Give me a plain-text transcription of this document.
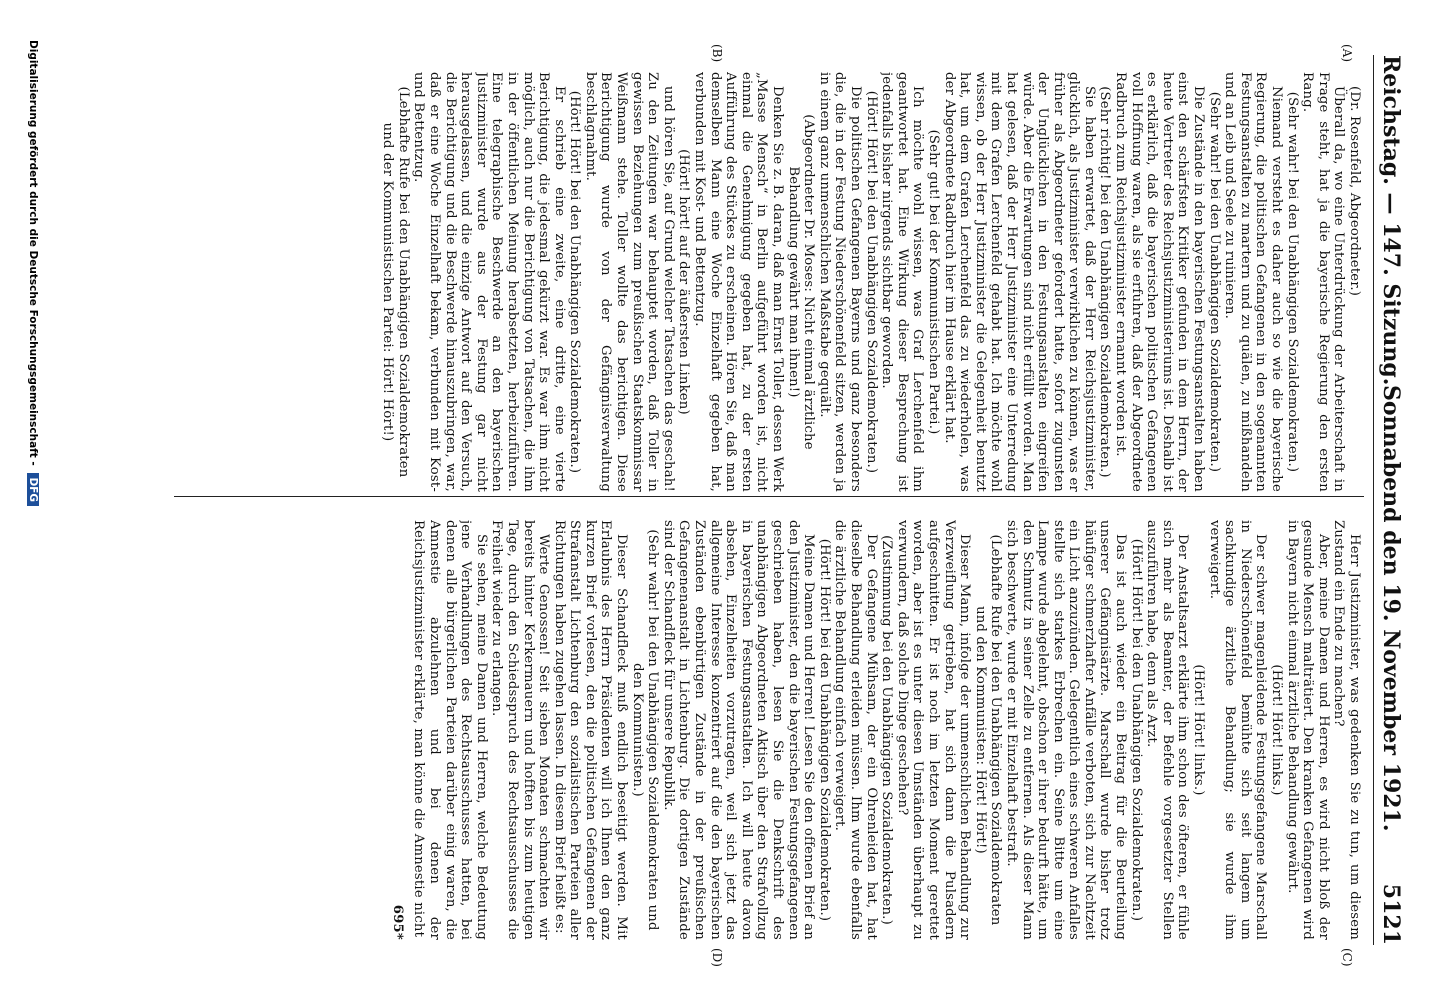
Reichstag. — 147. Sitzung.
Sonnabend den 19. November 1921.
5121
(A)
(B)
(C)
(D)

(Dr. Rosenfeld, Abgeordneter.)

Überall da, wo eine Unterdrückung der Arbeiterschaft in Frage steht, hat ja die bayerische Regierung den ersten Rang.

(Sehr wahr! bei den Unabhängigen Sozialdemokraten.)

Niemand versteht es daher auch so wie die bayerische Regierung, die politischen Gefangenen in den sogenannten Festungsanstalten zu martern und zu quälen, zu mißhandeln und an Leib und Seele zu ruinieren.

(Sehr wahr! bei den Unabhängigen Sozialdemokraten.)

Die Zustände in den bayerischen Festungsanstalten haben einst den schärfsten Kritiker gefunden in dem Herrn, der heute Vertreter des Reichsjustizministeriums ist. Deshalb ist es erklärlich, daß die bayerischen politischen Gefangenen voll Hoffnung waren, als sie erfuhren, daß der Abgeordnete Radbruch zum Reichsjustizminister ernannt worden ist.

(Sehr richtig! bei den Unabhängigen Sozialdemokraten.)

Sie haben erwartet, daß der Herr Reichsjustizminister, glücklich, als Justizminister verwirklichen zu können, was er früher als Abgeordneter gefordert hatte, sofort zugunsten der Unglücklichen in den Festungsanstalten eingreifen würde. Aber die Erwartungen sind nicht erfüllt worden. Man hat gelesen, daß der Herr Justizminister eine Unterredung mit dem Grafen Lerchenfeld gehabt hat. Ich möchte wohl wissen, ob der Herr Justizminister die Gelegenheit benutzt hat, um dem Grafen Lerchenfeld das zu wiederholen, was der Abgeordnete Radbruch hier im Hause erklärt hat.

(Sehr gut! bei der Kommunistischen Partei.)

Ich möchte wohl wissen, was Graf Lerchenfeld ihm geantwortet hat. Eine Wirkung dieser Besprechung ist jedenfalls bisher nirgends sichtbar geworden.

(Hört! Hört! bei den Unabhängigen Sozialdemokraten.)

Die politischen Gefangenen Bayerns und ganz besonders die, die in der Festung Niederschönenfeld sitzen, werden ja in einem ganz unmenschlichen Maßstabe gequält.

(Abgeordneter Dr. Moses: Nicht einmal ärztliche Behandlung gewährt man ihnen!)

Denken Sie z. B. daran, daß man Ernst Toller, dessen Werk „Masse Mensch“ in Berlin aufgeführt worden ist, nicht einmal die Genehmigung gegeben hat, zu der ersten Aufführung des Stückes zu erscheinen. Hören Sie, daß man demselben Mann eine Woche Einzelhaft gegeben hat, verbunden mit Kost- und Bettentzug.

(Hört! hört! auf der äußersten Linken)

und hören Sie, auf Grund welcher Tatsachen das geschah! Zu den Zeitungen war behauptet worden, daß Toller in gewissen Beziehungen zum preußischen Staatskommissar Weißmann stehe. Toller wollte das berichtigen. Diese Berichtigung wurde von der Gefängnisverwaltung beschlagnahmt.

(Hört! Hört! bei den Unabhängigen Sozialdemokraten.)

Er schrieb eine zweite, eine dritte, eine vierte Berichtigung, die jedesmal gekürzt war. Es war ihm nicht möglich, auch nur die Berichtigung von Tatsachen, die ihm in der öffentlichen Meinung herabsetzten, herbeizuführen. Eine telegraphische Beschwerde an den bayerischen Justizminister wurde aus der Festung gar nicht herausgelassen, und die einzige Antwort auf den Versuch, die Berichtigung und die Beschwerde hinauszubringen, war, daß er eine Woche Einzelhaft bekam, verbunden mit Kost- und Bettentzug.

(Lebhafte Rufe bei den Unabhängigen Sozialdemokraten und der Kommunistischen Partei: Hört! Hört!)

Herr Justizminister, was gedenken Sie zu tun, um diesem Zustand ein Ende zu machen?

Aber, meine Damen und Herren, es wird nicht bloß der gesunde Mensch malträtiert. Den kranken Gefangenen wird in Bayern nicht einmal ärztliche Behandlung gewährt.

(Hört! Hört! links.)

Der schwer magenleidende Festungsgefangene Marschall in Niederschönenfeld bemühte sich seit langem um sachkundige ärztliche Behandlung; sie wurde ihm verweigert.

(Hört! Hört! links.)

Der Anstaltsarzt erklärte ihm schon des öfteren, er fühle sich mehr als Beamter, der Befehle vorgesetzter Stellen auszuführen habe, denn als Arzt.

(Hört! Hört! bei den Unabhängigen Sozialdemokraten.)

Das ist auch wieder ein Beitrag für die Beurteilung unserer Gefängnisärzte. Marschall wurde bisher trotz häufiger schmerzhafter Anfälle verboten, sich zur Nachtzeit ein Licht anzuzünden. Gelegentlich eines schweren Anfalles stellte sich starkes Erbrechen ein. Seine Bitte um eine Lampe wurde abgelehnt, obschon er ihrer bedurft hätte, um den Schmutz in seiner Zelle zu entfernen. Als dieser Mann sich beschwerte, wurde er mit Einzelhaft bestraft.

(Lebhafte Rufe bei den Unabhängigen Sozialdemokraten und den Kommunisten: Hört! Hört!)

Dieser Mann, infolge der unmenschlichen Behandlung zur Verzweiflung getrieben, hat sich dann die Pulsadern aufgeschnitten. Er ist noch im letzten Moment gerettet worden, aber ist es unter diesen Umständen überhaupt zu verwundern, daß solche Dinge geschehen?

(Zustimmung bei den Unabhängigen Sozialdemokraten.)

Der Gefangene Mühsam, der ein Ohrenleiden hat, hat dieselbe Behandlung erleiden müssen. Ihm wurde ebenfalls die ärztliche Behandlung einfach verweigert.

(Hört! Hört! bei den Unabhängigen Sozialdemokraten.)

Meine Damen und Herren! Lesen Sie den offenen Brief an den Justizminister, den die bayerischen Festungsgefangenen geschrieben haben, lesen Sie die Denkschrift des unabhängigen Abgeordneten Aktisch über den Strafvollzug in bayerischen Festungsanstalten. Ich will heute davon absehen, Einzelheiten vorzutragen, weil sich jetzt das allgemeine Interesse konzentriert auf die den bayerischen Zuständen ebenbürtigen Zustände in der preußischen Gefangenenanstalt in Lichtenburg. Die dortigen Zustände sind der Schandfleck für unsere Republik.

(Sehr wahr! bei den Unabhängigen Sozialdemokraten und den Kommunisten.)

Dieser Schandfleck muß endlich beseitigt werden. Mit Erlaubnis des Herrn Präsidenten will ich Ihnen den ganz kurzen Brief vorlesen, den die politischen Gefangenen der Strafanstalt Lichtenburg den sozialistischen Parteien aller Richtungen haben zugehen lassen. In diesem Brief heißt es:

Werte Genossen! Seit sieben Monaten schmachten wir bereits hinter Kerkermauern und hofften bis zum heutigen Tage, durch den Schiedsspruch des Rechtsausschusses die Freiheit wieder zu erlangen.

Sie sehen, meine Damen und Herren, welche Bedeutung jene Verhandlungen des Rechtsausschusses hatten, bei denen alle bürgerlichen Parteien darüber einig waren, die Amnestie abzulehnen und bei denen der Reichsjustizminister erklärte, man könne die Amnestie nicht

695*

Digitalisierung gefördert durch die Deutsche Forschungsgemeinschaft - DFG
